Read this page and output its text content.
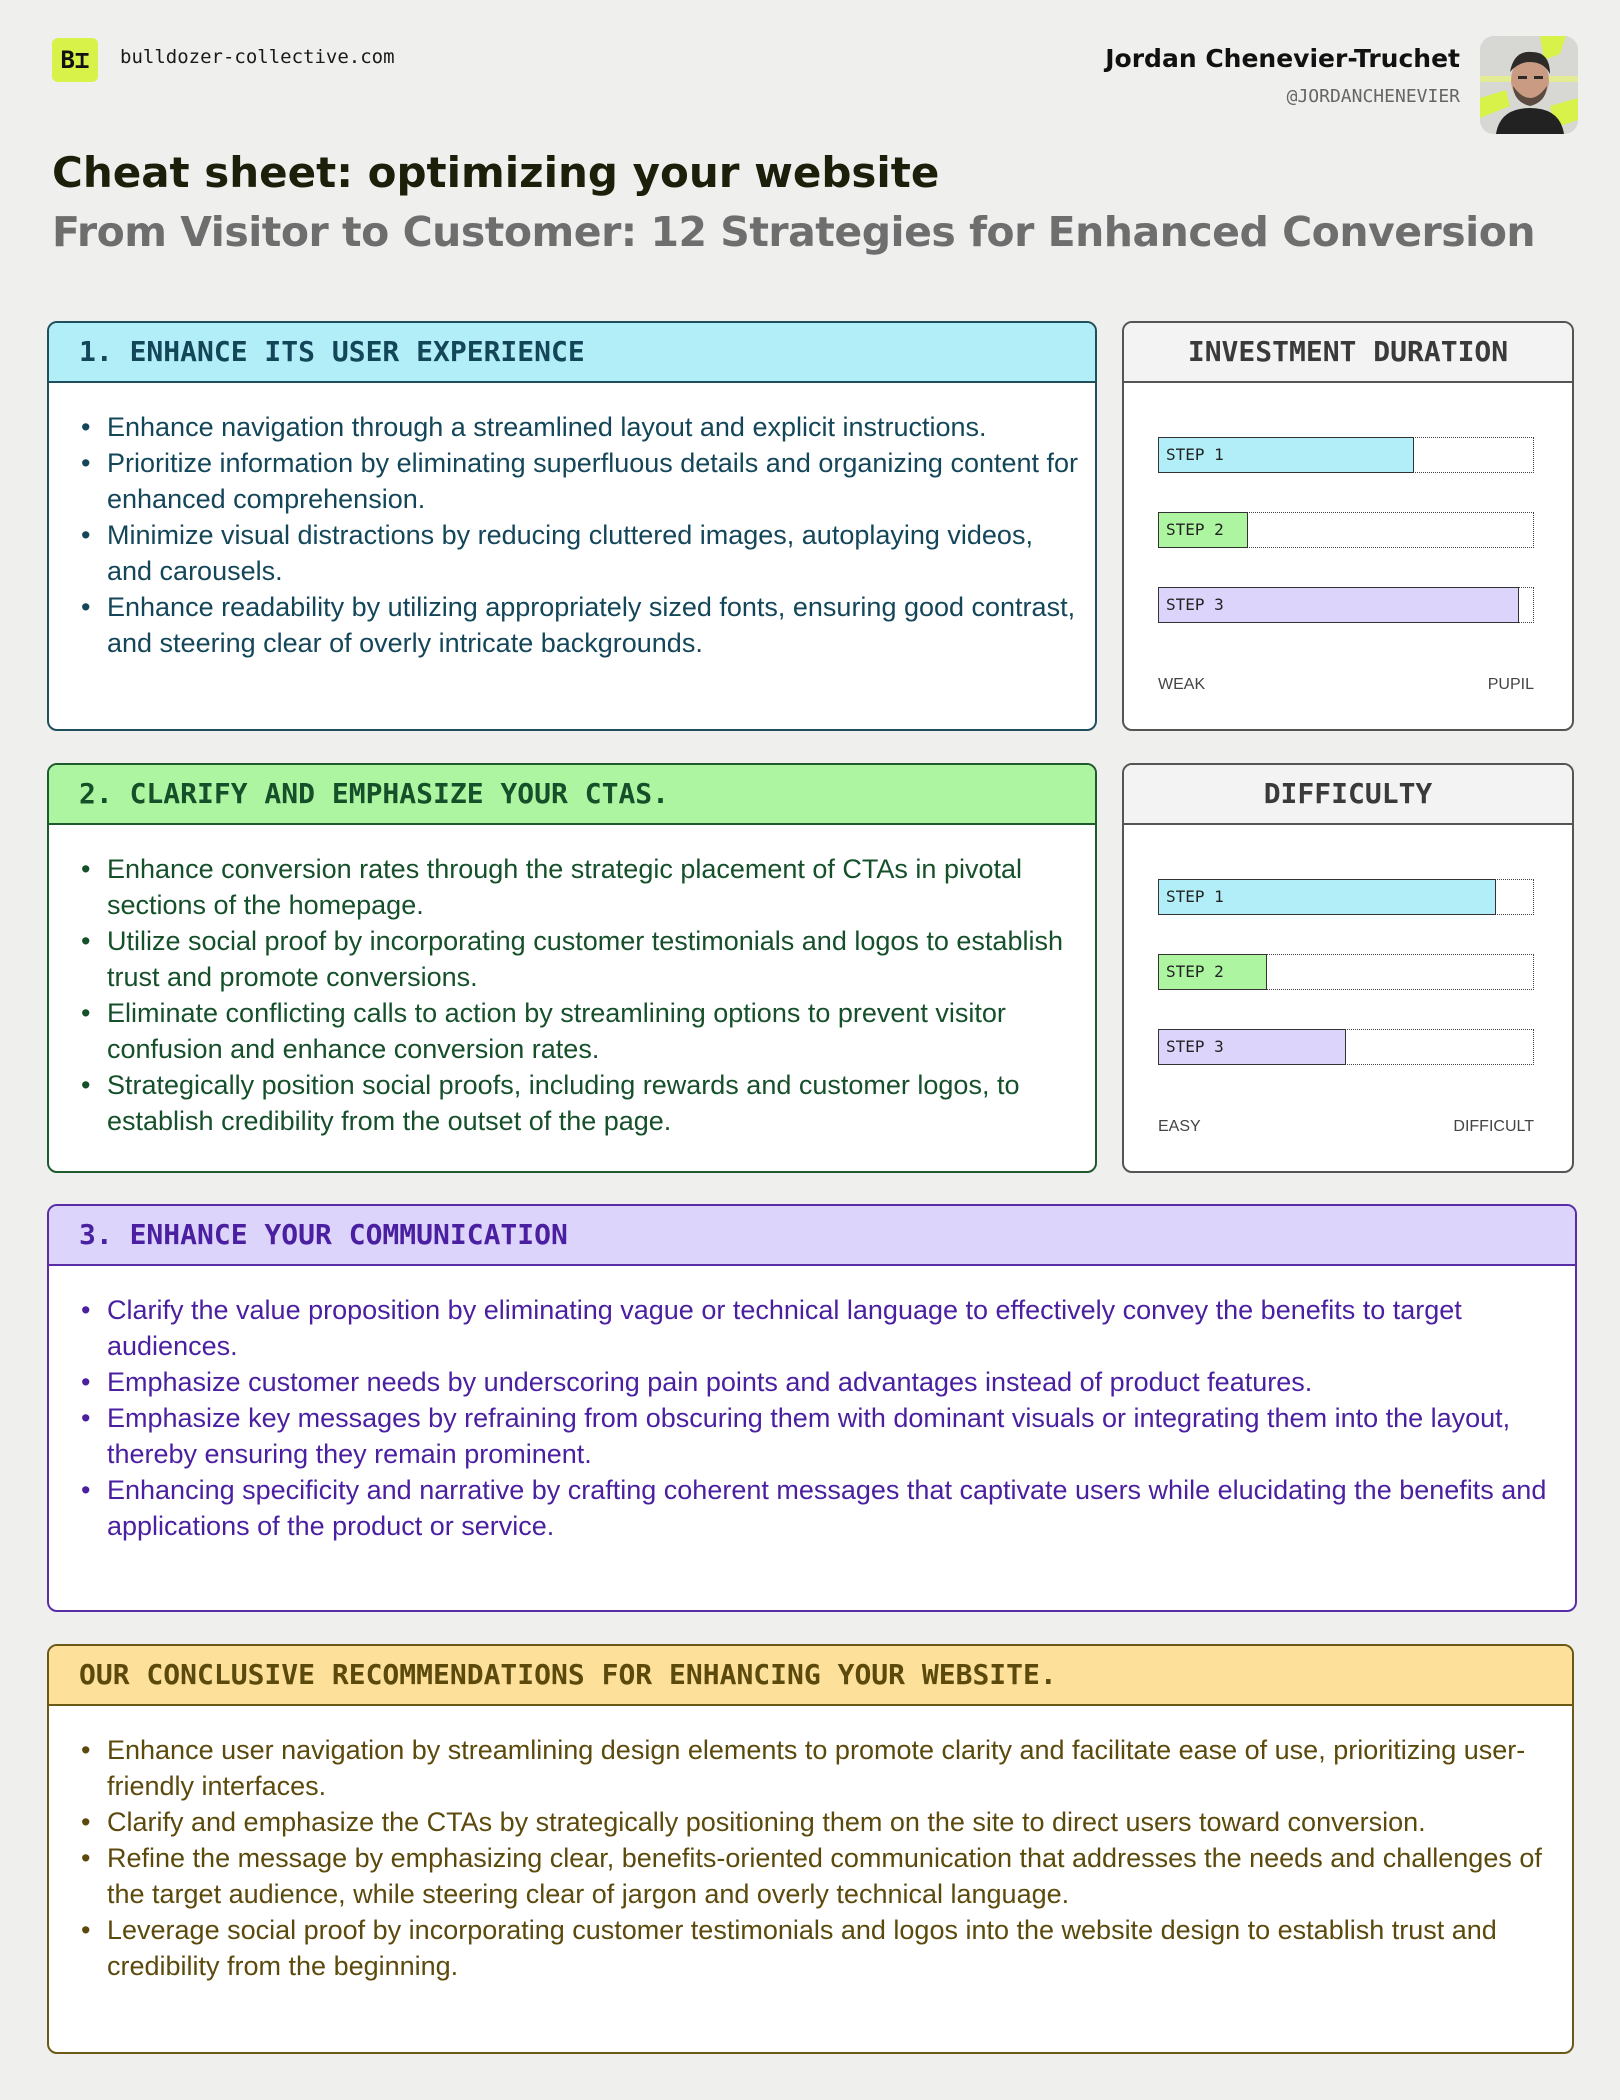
B⌶	bulldozer-collective.com	Jordan Chenevier-Truchet
@JORDANCHENEVIER
Cheat sheet: optimizing your website
From Visitor to Customer: 12 Strategies for Enhanced Conversion
1. ENHANCE ITS USER EXPERIENCE
• Enhance navigation through a streamlined layout and explicit instructions.
• Prioritize information by eliminating superfluous details and organizing content for enhanced comprehension.
• Minimize visual distractions by reducing cluttered images, autoplaying videos, and carousels.
• Enhance readability by utilizing appropriately sized fonts, ensuring good contrast, and steering clear of overly intricate backgrounds.
INVESTMENT DURATION
STEP 1
STEP 2
STEP 3
WEAK	PUPIL
2. CLARIFY AND EMPHASIZE YOUR CTAS.
• Enhance conversion rates through the strategic placement of CTAs in pivotal sections of the homepage.
• Utilize social proof by incorporating customer testimonials and logos to establish trust and promote conversions.
• Eliminate conflicting calls to action by streamlining options to prevent visitor confusion and enhance conversion rates.
• Strategically position social proofs, including rewards and customer logos, to establish credibility from the outset of the page.
DIFFICULTY
STEP 1
STEP 2
STEP 3
EASY	DIFFICULT
3. ENHANCE YOUR COMMUNICATION
• Clarify the value proposition by eliminating vague or technical language to effectively convey the benefits to target audiences.
• Emphasize customer needs by underscoring pain points and advantages instead of product features.
• Emphasize key messages by refraining from obscuring them with dominant visuals or integrating them into the layout, thereby ensuring they remain prominent.
• Enhancing specificity and narrative by crafting coherent messages that captivate users while elucidating the benefits and applications of the product or service.
OUR CONCLUSIVE RECOMMENDATIONS FOR ENHANCING YOUR WEBSITE.
• Enhance user navigation by streamlining design elements to promote clarity and facilitate ease of use, prioritizing user-friendly interfaces.
• Clarify and emphasize the CTAs by strategically positioning them on the site to direct users toward conversion.
• Refine the message by emphasizing clear, benefits-oriented communication that addresses the needs and challenges of the target audience, while steering clear of jargon and overly technical language.
• Leverage social proof by incorporating customer testimonials and logos into the website design to establish trust and credibility from the beginning.
